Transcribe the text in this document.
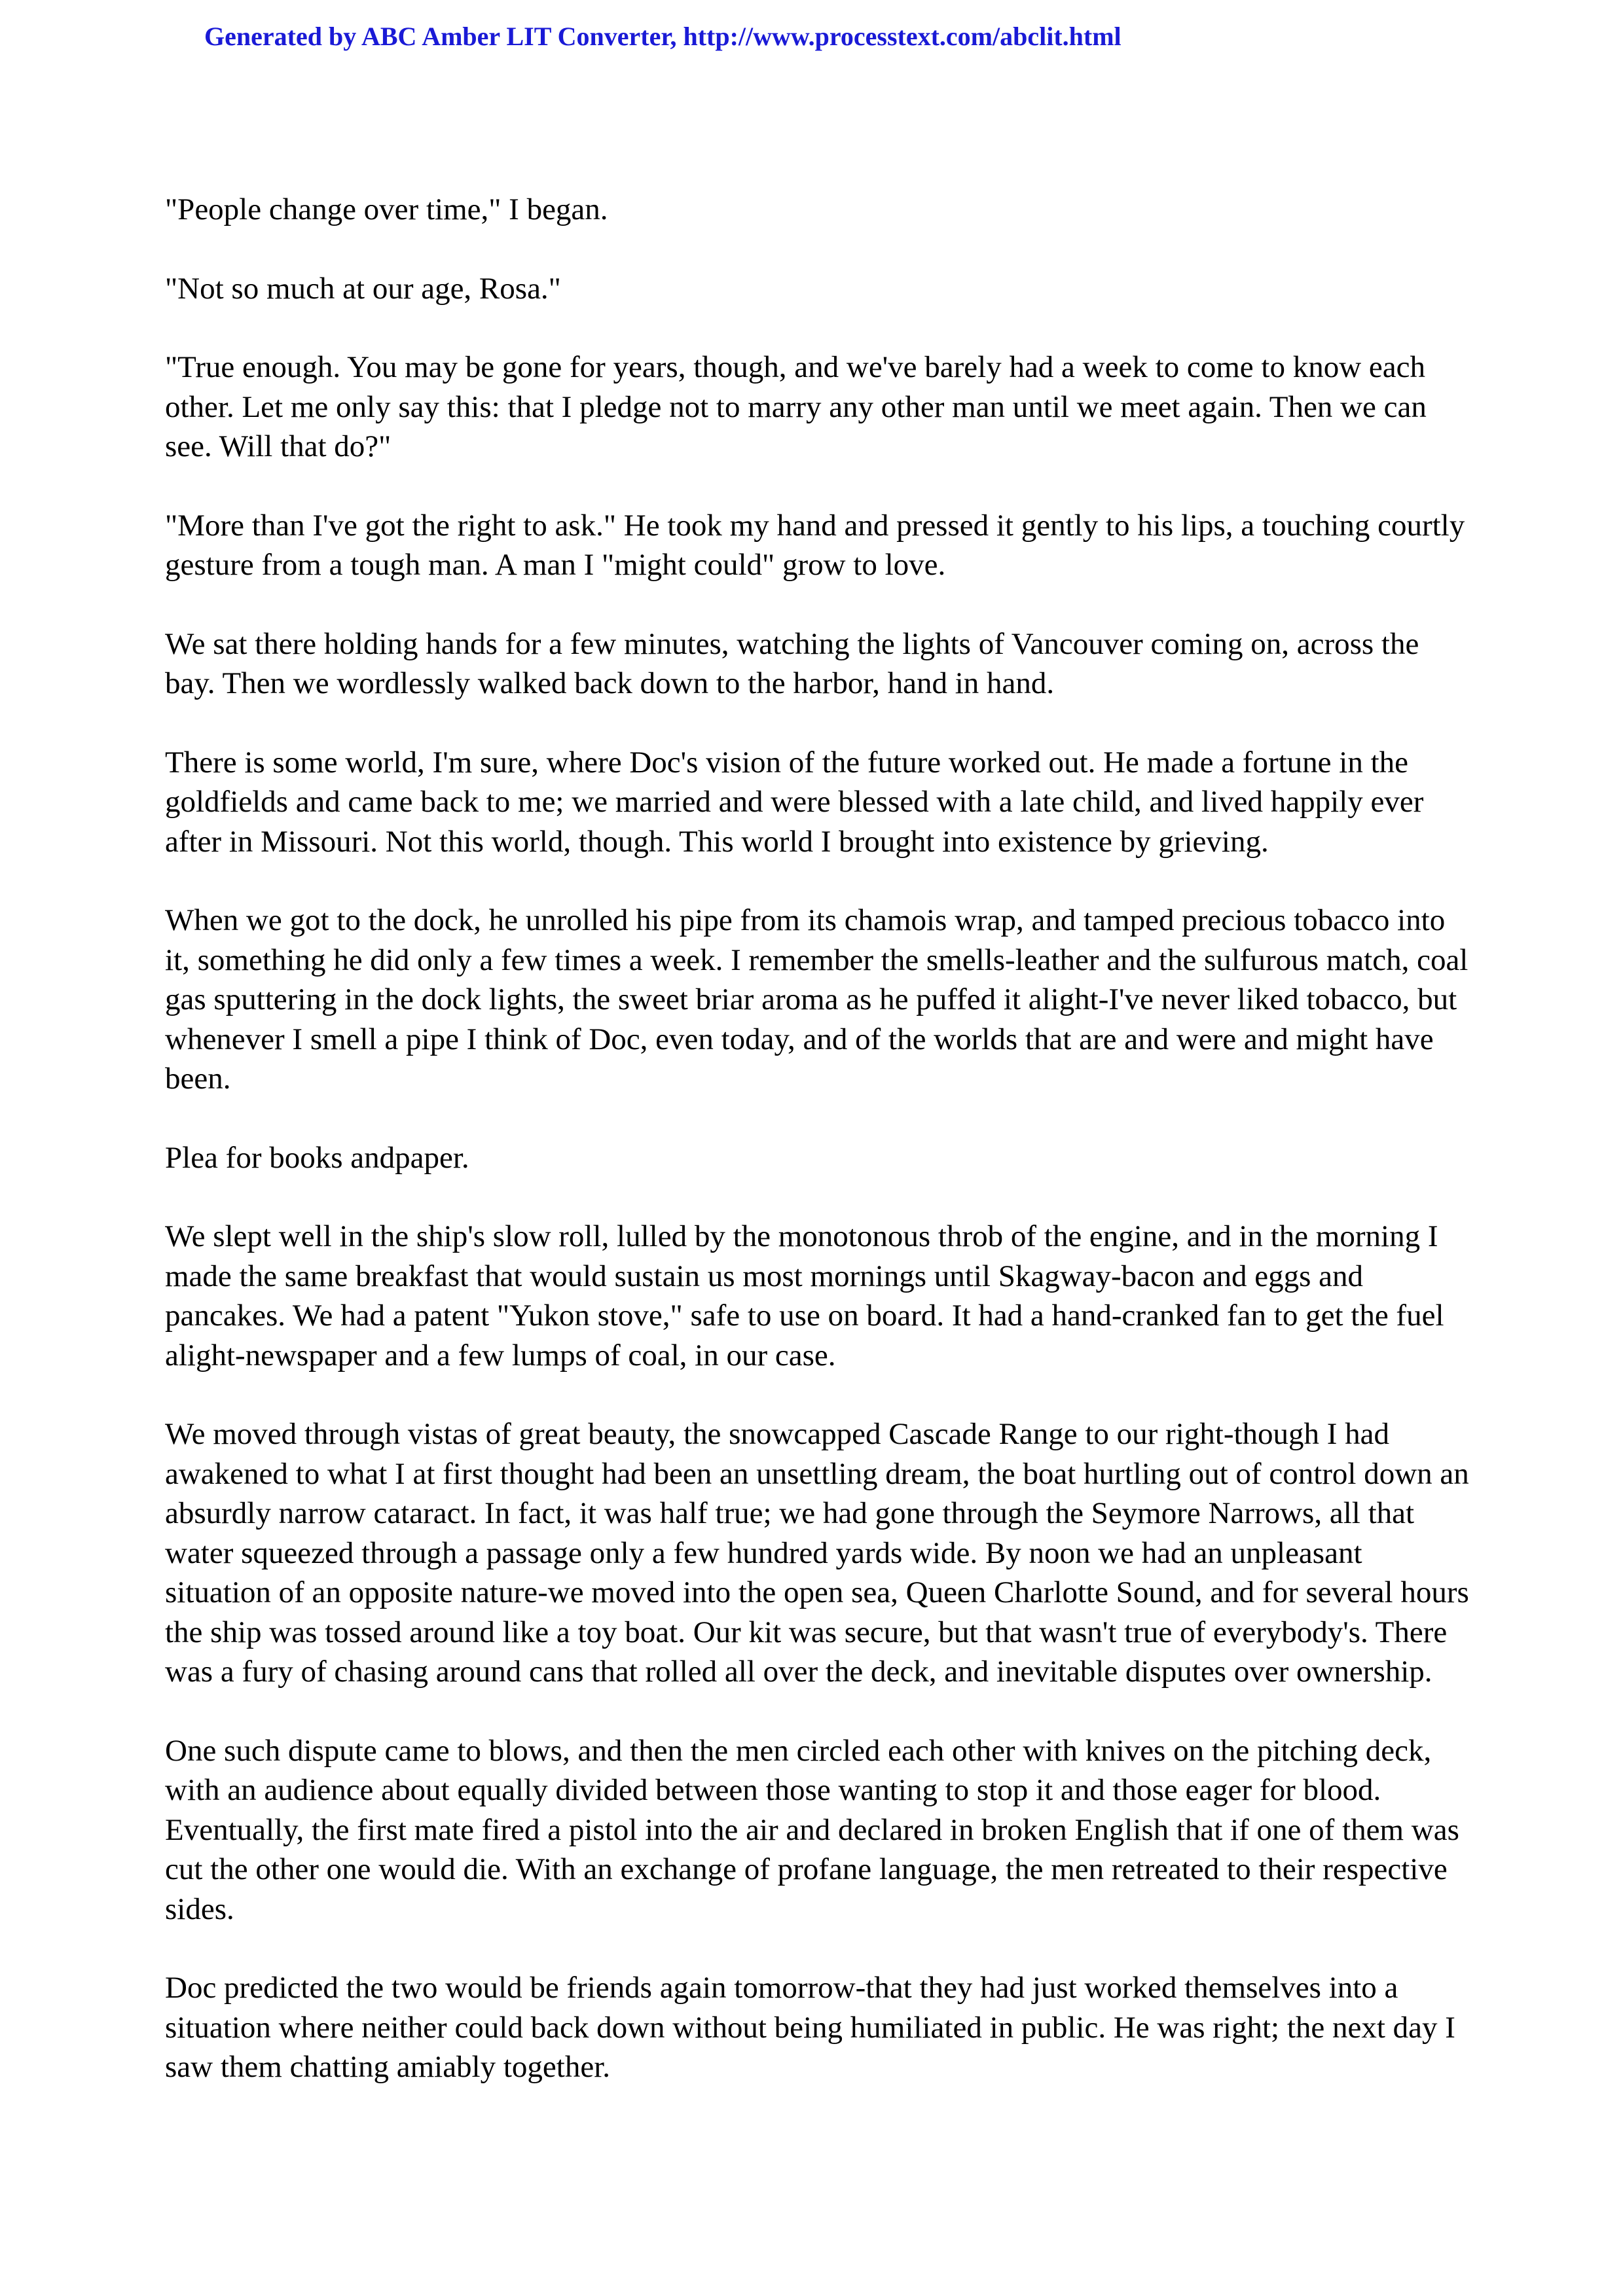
Generated by ABC Amber LIT Converter, http://www.processtext.com/abclit.html

"People change over time," I began.

"Not so much at our age, Rosa."

"True enough. You may be gone for years, though, and we've barely had a week to come to know each other. Let me only say this: that I pledge not to marry any other man until we meet again. Then we can see. Will that do?"

"More than I've got the right to ask." He took my hand and pressed it gently to his lips, a touching courtly gesture from a tough man. A man I "might could" grow to love.

We sat there holding hands for a few minutes, watching the lights of Vancouver coming on, across the bay. Then we wordlessly walked back down to the harbor, hand in hand.

There is some world, I'm sure, where Doc's vision of the future worked out. He made a fortune in the goldfields and came back to me; we married and were blessed with a late child, and lived happily ever after in Missouri. Not this world, though. This world I brought into existence by grieving.

When we got to the dock, he unrolled his pipe from its chamois wrap, and tamped precious tobacco into it, something he did only a few times a week. I remember the smells-leather and the sulfurous match, coal gas sputtering in the dock lights, the sweet briar aroma as he puffed it alight-I've never liked tobacco, but whenever I smell a pipe I think of Doc, even today, and of the worlds that are and were and might have been.

Plea for books andpaper.

We slept well in the ship's slow roll, lulled by the monotonous throb of the engine, and in the morning I made the same breakfast that would sustain us most mornings until Skagway-bacon and eggs and pancakes. We had a patent "Yukon stove," safe to use on board. It had a hand-cranked fan to get the fuel alight-newspaper and a few lumps of coal, in our case.

We moved through vistas of great beauty, the snowcapped Cascade Range to our right-though I had awakened to what I at first thought had been an unsettling dream, the boat hurtling out of control down an absurdly narrow cataract. In fact, it was half true; we had gone through the Seymore Narrows, all that water squeezed through a passage only a few hundred yards wide. By noon we had an unpleasant situation of an opposite nature-we moved into the open sea, Queen Charlotte Sound, and for several hours the ship was tossed around like a toy boat. Our kit was secure, but that wasn't true of everybody's. There was a fury of chasing around cans that rolled all over the deck, and inevitable disputes over ownership.

One such dispute came to blows, and then the men circled each other with knives on the pitching deck, with an audience about equally divided between those wanting to stop it and those eager for blood. Eventually, the first mate fired a pistol into the air and declared in broken English that if one of them was cut the other one would die. With an exchange of profane language, the men retreated to their respective sides.

Doc predicted the two would be friends again tomorrow-that they had just worked themselves into a situation where neither could back down without being humiliated in public. He was right; the next day I saw them chatting amiably together.
